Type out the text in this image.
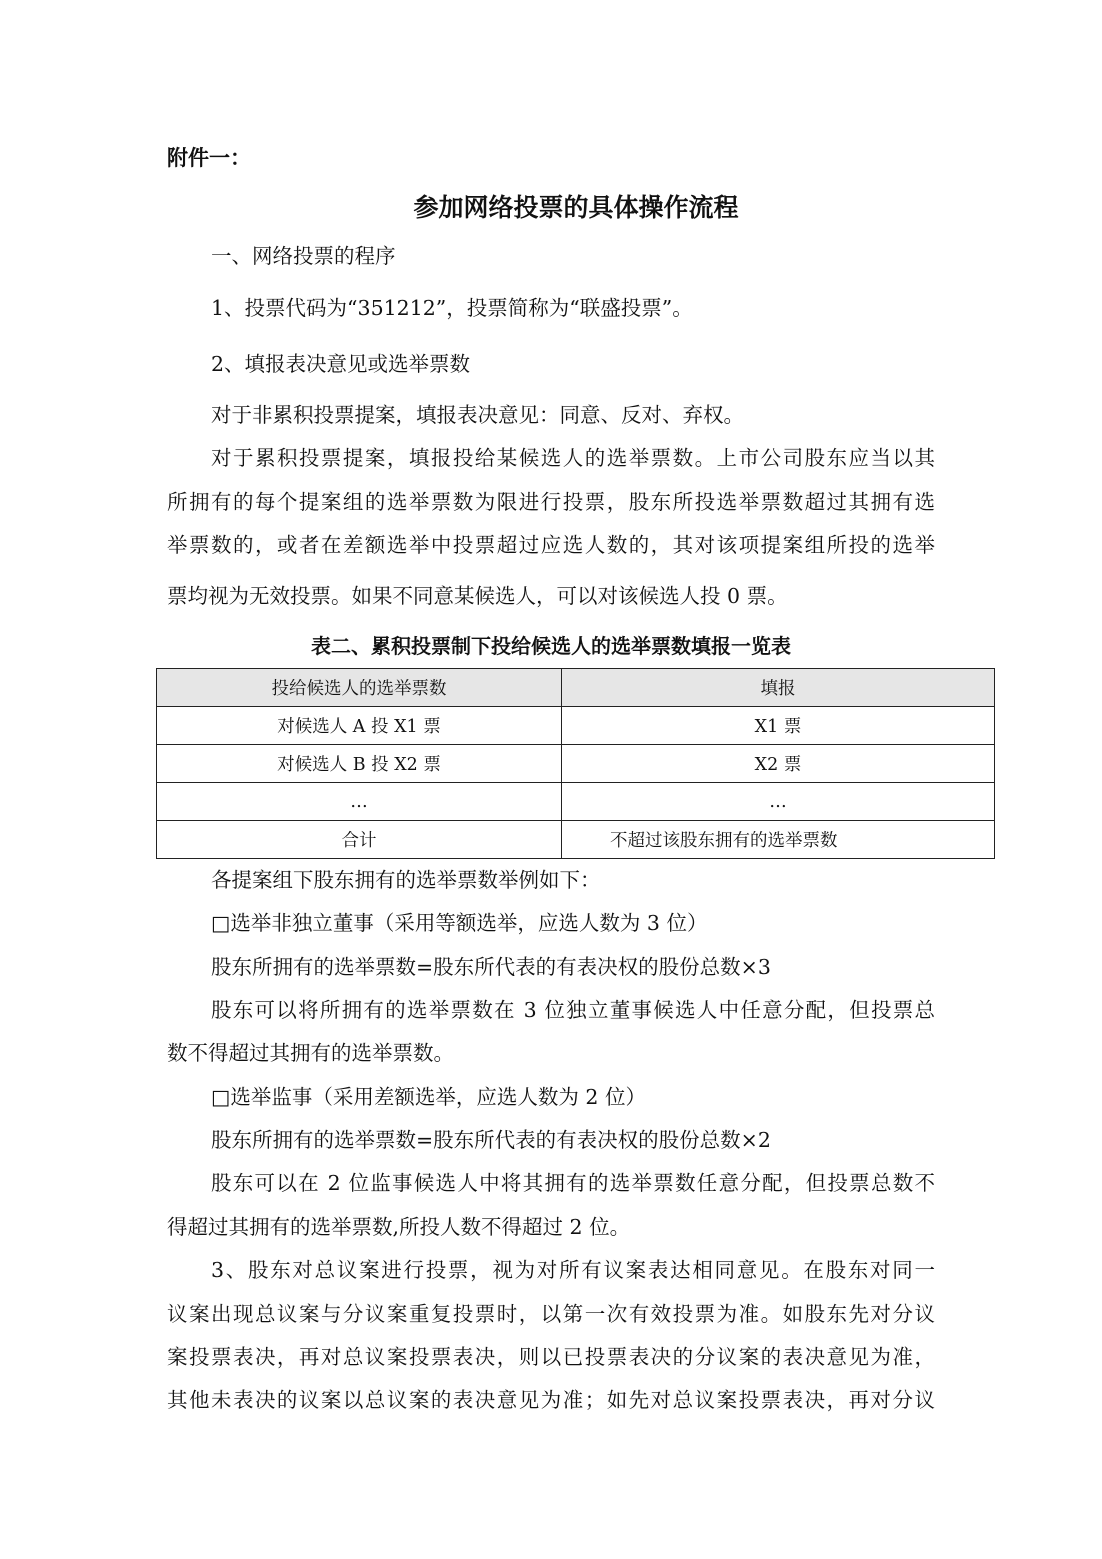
附件一：
参加网络投票的具体操作流程
一、网络投票的程序
1、投票代码为“351212”，投票简称为“联盛投票”。
2、填报表决意见或选举票数
对于非累积投票提案，填报表决意见：同意、反对、弃权。
对于累积投票提案，填报投给某候选人的选举票数。上市公司股东应当以其
所拥有的每个提案组的选举票数为限进行投票，股东所投选举票数超过其拥有选
举票数的，或者在差额选举中投票超过应选人数的，其对该项提案组所投的选举
票均视为无效投票。如果不同意某候选人，可以对该候选人投 0 票。
表二、累积投票制下投给候选人的选举票数填报一览表
投给候选人的选举票数	填报
对候选人 A 投 X1 票	X1 票
对候选人 B 投 X2 票	X2 票
…	…
合计	不超过该股东拥有的选举票数
各提案组下股东拥有的选举票数举例如下：
□选举非独立董事（采用等额选举，应选人数为 3 位）
股东所拥有的选举票数=股东所代表的有表决权的股份总数×3
股东可以将所拥有的选举票数在 3 位独立董事候选人中任意分配，但投票总
数不得超过其拥有的选举票数。
□选举监事（采用差额选举，应选人数为 2 位）
股东所拥有的选举票数=股东所代表的有表决权的股份总数×2
股东可以在 2 位监事候选人中将其拥有的选举票数任意分配，但投票总数不
得超过其拥有的选举票数,所投人数不得超过 2 位。
3、股东对总议案进行投票，视为对所有议案表达相同意见。在股东对同一
议案出现总议案与分议案重复投票时，以第一次有效投票为准。如股东先对分议
案投票表决，再对总议案投票表决，则以已投票表决的分议案的表决意见为准，
其他未表决的议案以总议案的表决意见为准；如先对总议案投票表决，再对分议
